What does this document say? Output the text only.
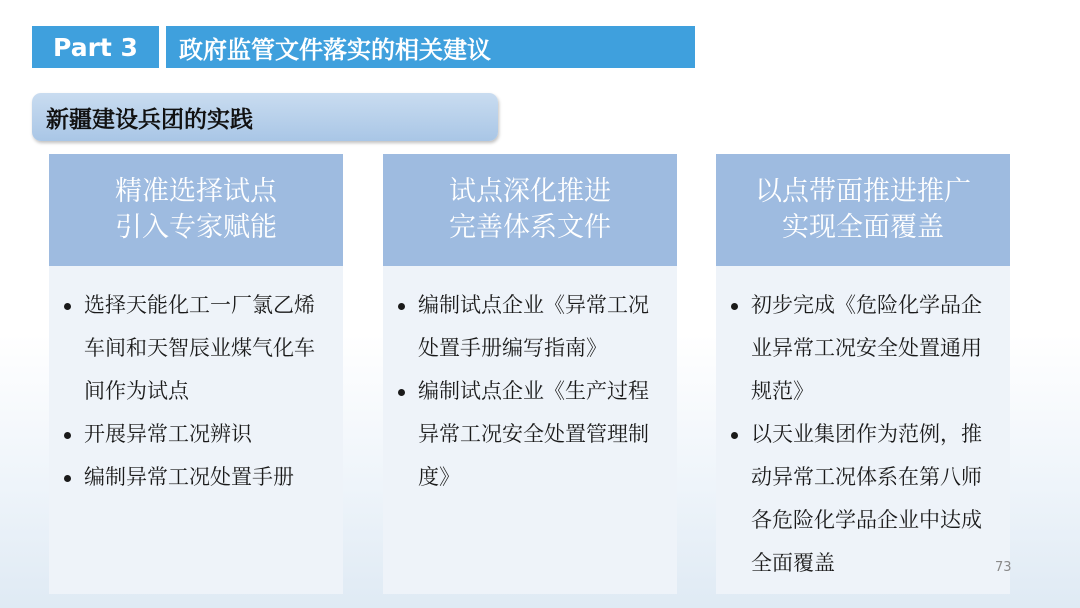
Part 3	政府监管文件落实的相关建议
新疆建设兵团的实践
精准选择试点
引入专家赋能
选择天能化工一厂氯乙烯车间和天智辰业煤气化车间作为试点
开展异常工况辨识
编制异常工况处置手册
试点深化推进
完善体系文件
编制试点企业《异常工况处置手册编写指南》
编制试点企业《生产过程异常工况安全处置管理制度》
以点带面推进推广
实现全面覆盖
初步完成《危险化学品企业异常工况安全处置通用规范》
以天业集团作为范例，推动异常工况体系在第八师各危险化学品企业中达成全面覆盖	73
